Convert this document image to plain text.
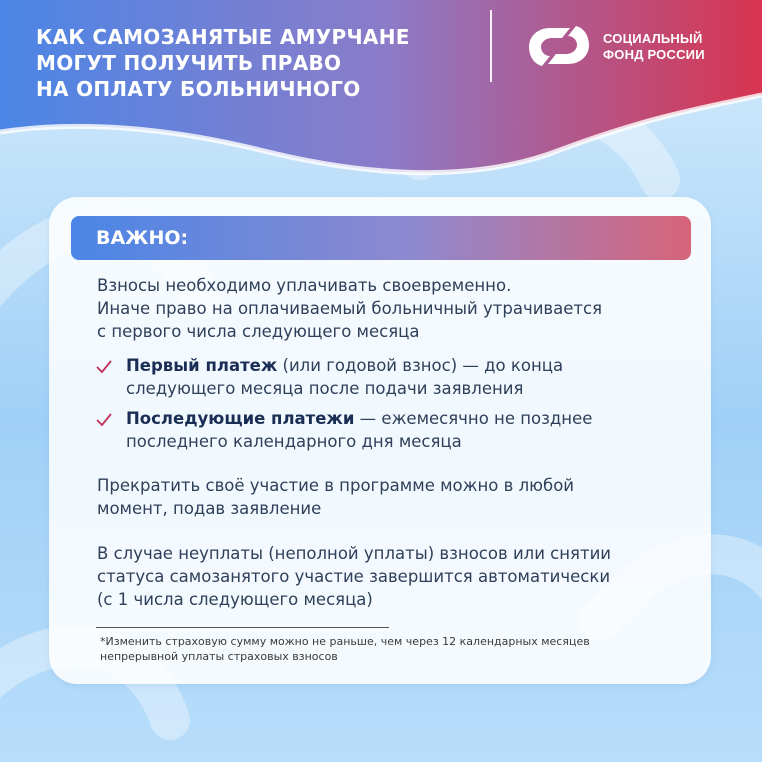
КАК САМОЗАНЯТЫЕ АМУРЧАНЕ
МОГУТ ПОЛУЧИТЬ ПРАВО
НА ОПЛАТУ БОЛЬНИЧНОГО
СОЦИАЛЬНЫЙ
ФОНД РОССИИ
ВАЖНО:

Взносы необходимо уплачивать своевременно.
Иначе право на оплачиваемый больничный утрачивается
с первого числа следующего месяца

Первый платеж (или годовой взнос) — до конца
следующего месяца после подачи заявления

Последующие платежи — ежемесячно не позднее
последнего календарного дня месяца

Прекратить своё участие в программе можно в любой
момент, подав заявление

В случае неуплаты (неполной уплаты) взносов или снятии
статуса самозанятого участие завершится автоматически
(с 1 числа следующего месяца)

*Изменить страховую сумму можно не раньше, чем через 12 календарных месяцев
непрерывной уплаты страховых взносов
